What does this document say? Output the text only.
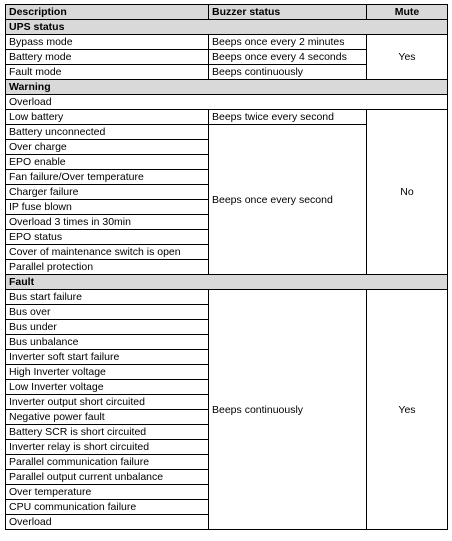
Description	Buzzer status	Mute
UPS status		
Bypass mode	Beeps once every 2 minutes	Yes
Battery mode	Beeps once every 4 seconds	
Fault mode	Beeps continuously	
Warning		
Overload		
Low battery	Beeps twice every second	No
Battery unconnected	Beeps once every second	
Over charge		
EPO enable		
Fan failure/Over temperature		
Charger failure		
IP fuse blown		
Overload 3 times in 30min		
EPO status		
Cover of maintenance switch is open		
Parallel protection		
Fault		
Bus start failure	Beeps continuously	Yes
Bus over		
Bus under		
Bus unbalance		
Inverter soft start failure		
High Inverter voltage		
Low Inverter voltage		
Inverter output short circuited		
Negative power fault		
Battery SCR is short circuited		
Inverter relay is short circuited		
Parallel communication failure		
Parallel output current unbalance		
Over temperature		
CPU communication failure		
Overload		
